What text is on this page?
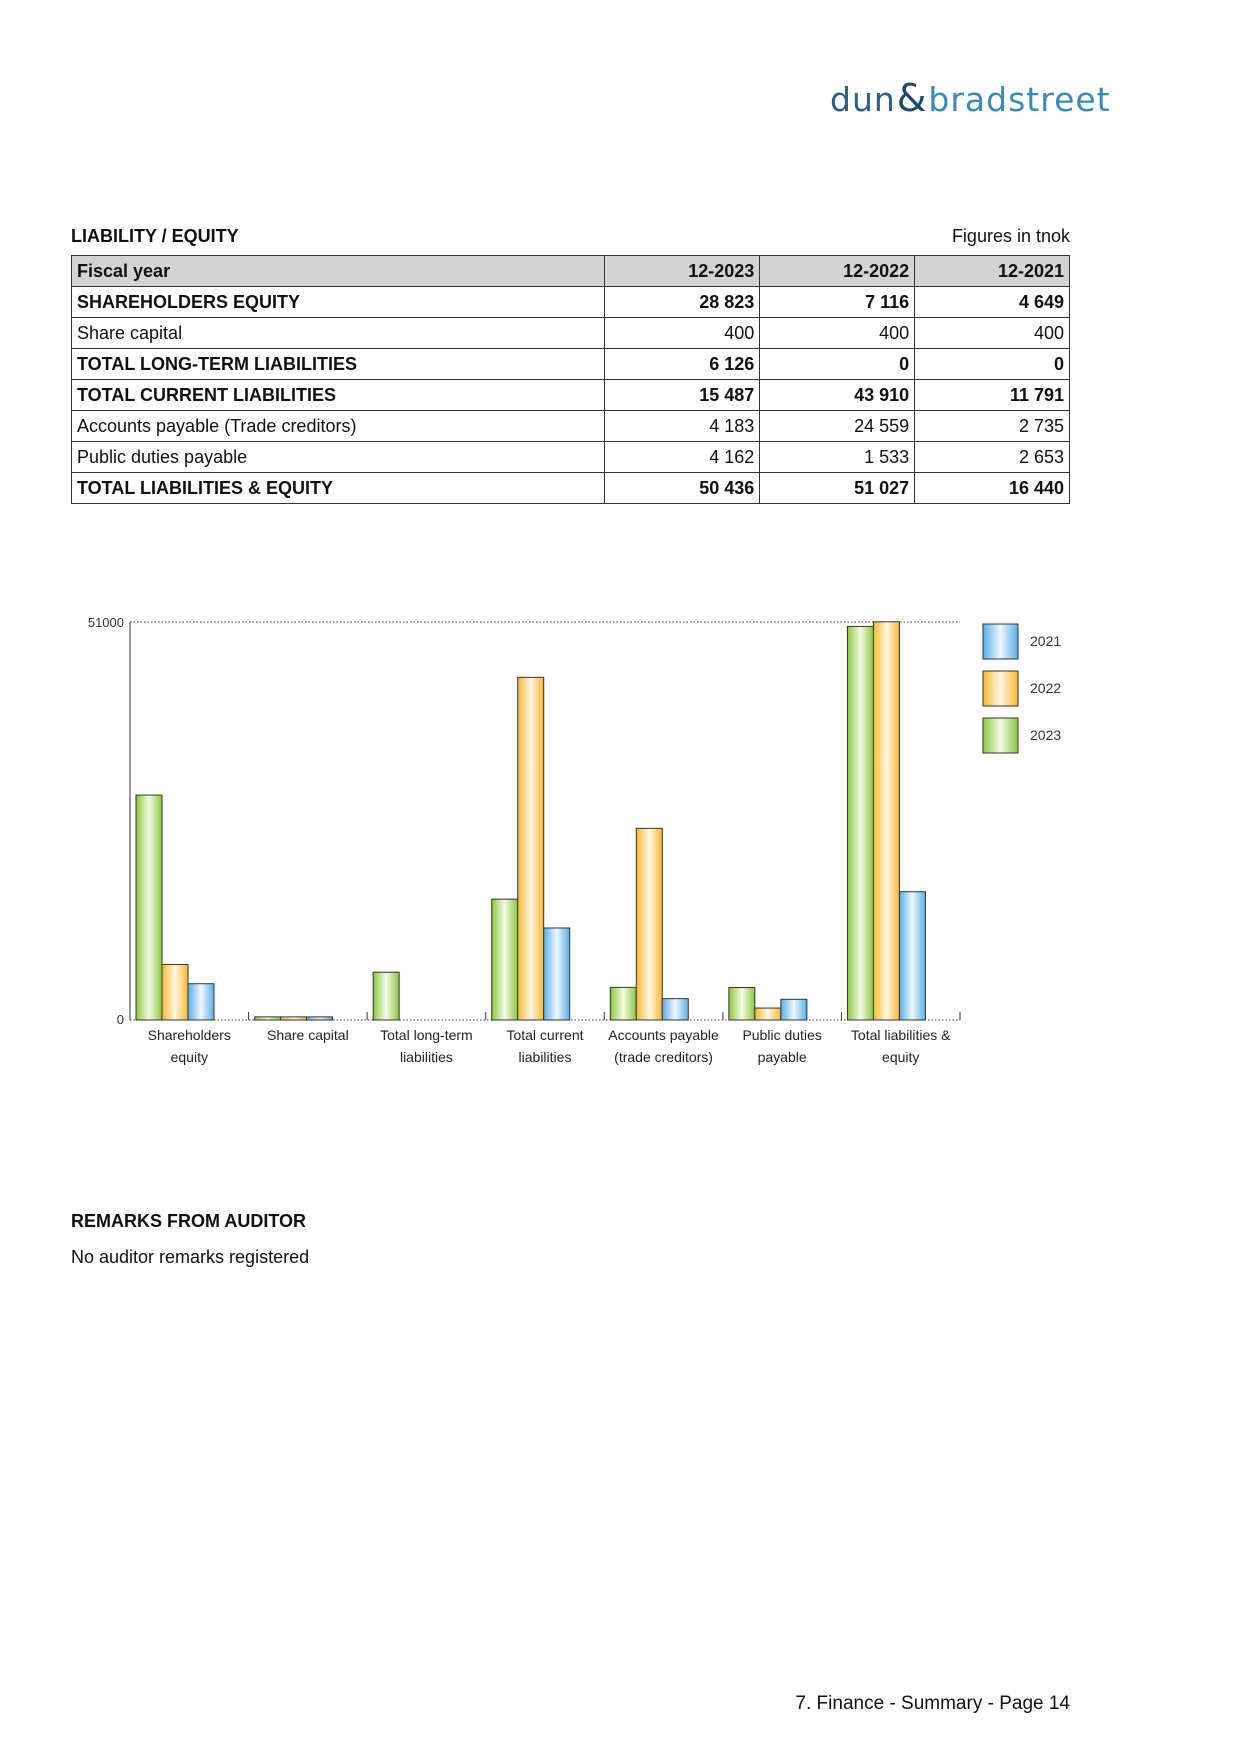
dun&bradstreet
LIABILITY / EQUITY	Figures in tnok
Fiscal year	12-2023	12-2022	12-2021
SHAREHOLDERS EQUITY	28 823	7 116	4 649
Share capital	400	400	400
TOTAL LONG-TERM LIABILITIES	6 126	0	0
TOTAL CURRENT LIABILITIES	15 487	43 910	11 791
Accounts payable (Trade creditors)	4 183	24 559	2 735
Public duties payable	4 162	1 533	2 653
TOTAL LIABILITIES & EQUITY	50 436	51 027	16 440
0
51000
Shareholders
equity
Share capital Total long-term
liabilities
Total current
liabilities
Accounts payable
(trade creditors)
Public duties
payable
Total liabilities &
equity
2021
2022
2023
REMARKS FROM AUDITOR
No auditor remarks registered
7. Finance - Summary - Page 14
